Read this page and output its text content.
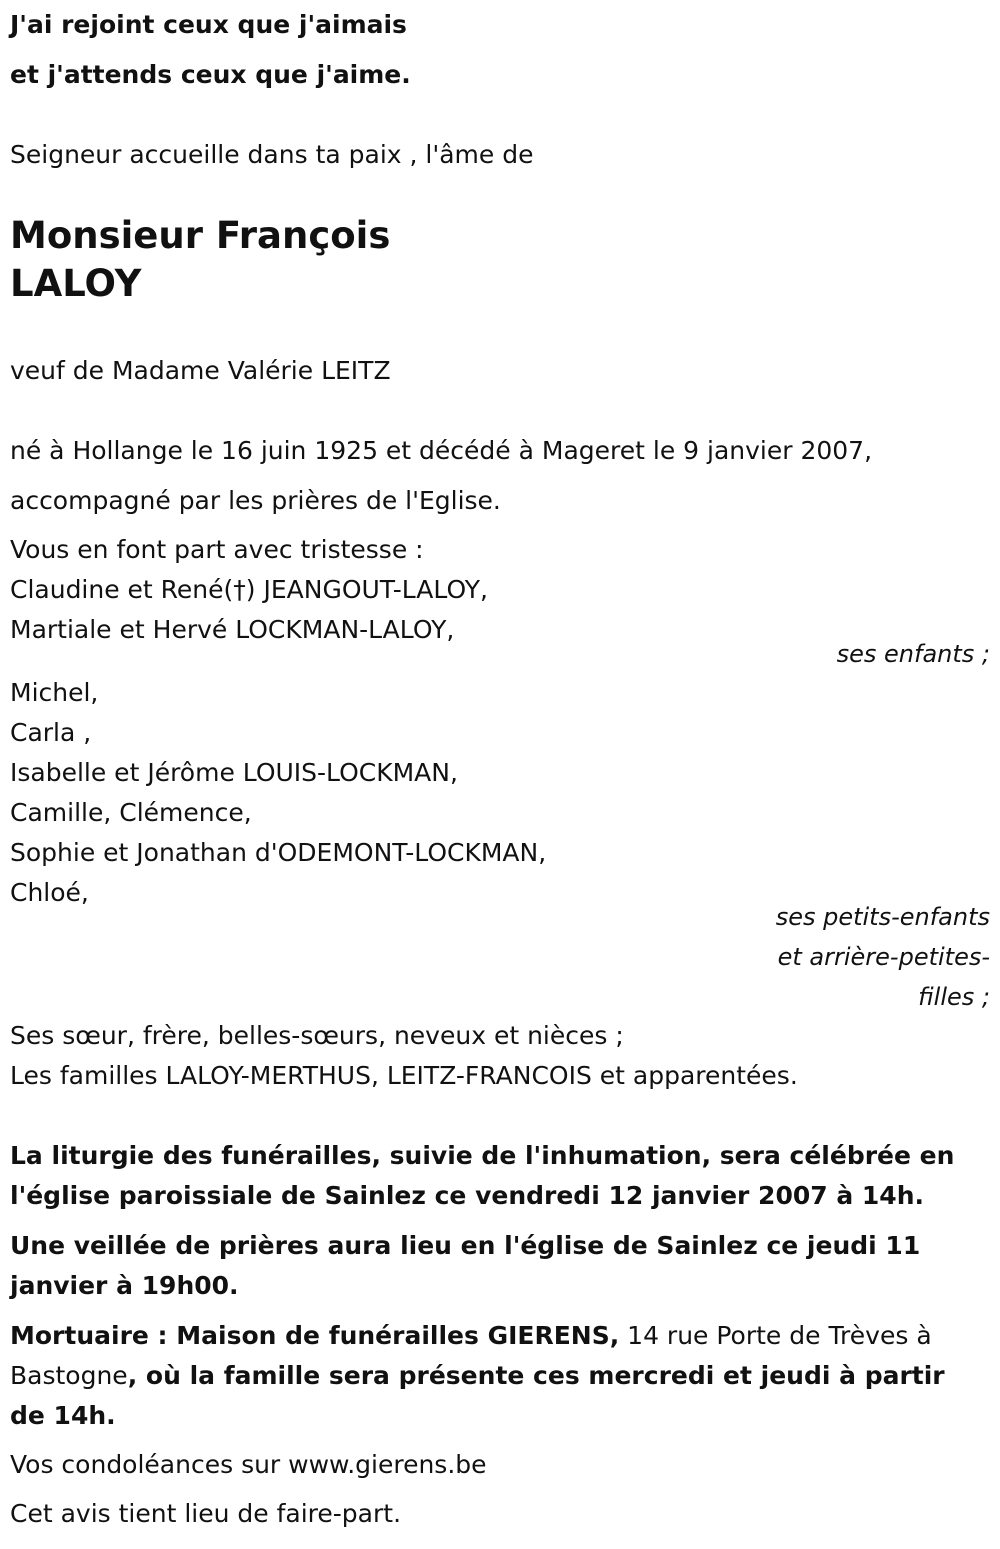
J'ai rejoint ceux que j'aimais
et j'attends ceux que j'aime.
Seigneur accueille dans ta paix , l'âme de
Monsieur François
LALOY
veuf de Madame Valérie LEITZ
né à Hollange le 16 juin 1925 et décédé à Mageret le 9 janvier 2007,
accompagné par les prières de l'Eglise.
Vous en font part avec tristesse :
Claudine et René(†) JEANGOUT-LALOY,
Martiale et Hervé LOCKMAN-LALOY,
ses enfants ;
Michel,
Carla ,
Isabelle et Jérôme LOUIS-LOCKMAN,
Camille, Clémence,
Sophie et Jonathan d'ODEMONT-LOCKMAN,
Chloé,
ses petits-enfants
et arrière-petites-
filles ;
Ses sœur, frère, belles-sœurs, neveux et nièces ;
Les familles LALOY-MERTHUS, LEITZ-FRANCOIS et apparentées.
La liturgie des funérailles, suivie de l'inhumation, sera célébrée en l'église paroissiale de Sainlez ce vendredi 12 janvier 2007 à 14h.
Une veillée de prières aura lieu en l'église de Sainlez ce jeudi 11 janvier à 19h00.
Mortuaire : Maison de funérailles GIERENS, 14 rue Porte de Trèves à Bastogne, où la famille sera présente ces mercredi et jeudi à partir de 14h.
Vos condoléances sur www.gierens.be
Cet avis tient lieu de faire-part.
